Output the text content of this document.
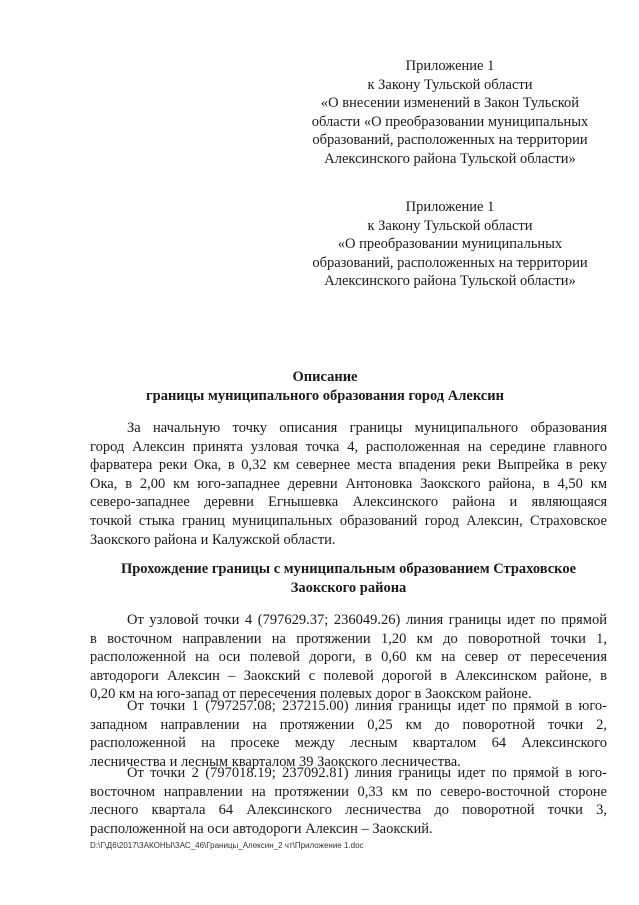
Приложение 1
к Закону Тульской области
«О внесении изменений в Закон Тульской
области «О преобразовании муниципальных
образований, расположенных на территории
Алексинского района Тульской области»
Приложение 1
к Закону Тульской области
«О преобразовании муниципальных
образований, расположенных на территории
Алексинского района Тульской области»
Описание
границы муниципального образования город Алексин
За начальную точку описания границы муниципального образования
город Алексин принята узловая точка 4, расположенная на середине главного
фарватера реки Ока, в 0,32 км севернее места впадения реки Выпрейка в реку
Ока, в 2,00 км юго-западнее деревни Антоновка Заокского района, в 4,50 км
северо-западнее деревни Егнышевка Алексинского района и являющаяся
точкой стыка границ муниципальных образований город Алексин, Страховское
Заокского района и Калужской области.
Прохождение границы с муниципальным образованием Страховское
Заокского района
От узловой точки 4 (797629.37; 236049.26) линия границы идет по прямой
в восточном направлении на протяжении 1,20 км до поворотной точки 1,
расположенной на оси полевой дороги, в 0,60 км на север от пересечения
автодороги Алексин – Заокский с полевой дорогой в Алексинском районе, в
0,20 км на юго-запад от пересечения полевых дорог в Заокском районе.
От точки 1 (797257.08; 237215.00) линия границы идет по прямой в юго-
западном направлении на протяжении 0,25 км до поворотной точки 2,
расположенной на просеке между лесным кварталом 64 Алексинского
лесничества и лесным кварталом 39 Заокского лесничества.
От точки 2 (797018.19; 237092.81) линия границы идет по прямой в юго-
восточном направлении на протяжении 0,33 км по северо-восточной стороне
лесного квартала 64 Алексинского лесничества до поворотной точки 3,
расположенной на оси автодороги Алексин – Заокский.
D:\Г\Д6\2017\ЗАКОНЫ\ЗАС_46\Границы_Алексин_2 чт\Приложение 1.doc
